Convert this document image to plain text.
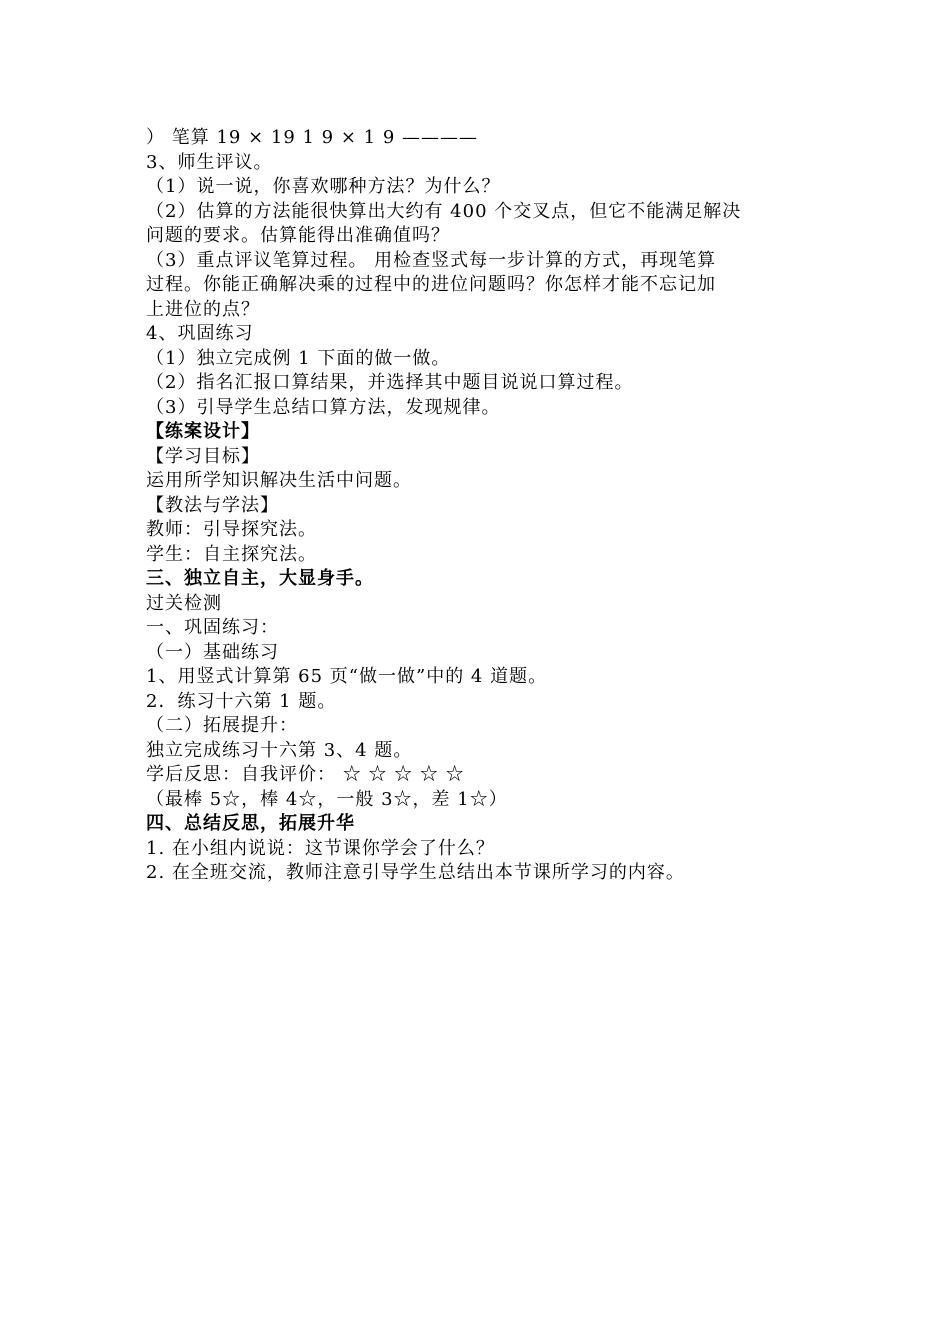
） 笔算 19 × 19 1 9 × 1 9 ————
3、师生评议。
（1）说一说，你喜欢哪种方法？为什么？
（2）估算的方法能很快算出大约有 400 个交叉点，但它不能满足解决
问题的要求。估算能得出准确值吗？
（3）重点评议笔算过程。 用检查竖式每一步计算的方式，再现笔算
过程。你能正确解决乘的过程中的进位问题吗？你怎样才能不忘记加
上进位的点？
4、巩固练习
（1）独立完成例 1 下面的做一做。
（2）指名汇报口算结果，并选择其中题目说说口算过程。
（3）引导学生总结口算方法，发现规律。
【练案设计】
【学习目标】
运用所学知识解决生活中问题。
【教法与学法】
教师：引导探究法。
学生：自主探究法。
三、独立自主，大显身手。
过关检测
一、巩固练习：
（一）基础练习
1、用竖式计算第 65 页“做一做”中的 4 道题。
2．练习十六第 1 题。
（二）拓展提升：
独立完成练习十六第 3、4 题。
学后反思：自我评价： ☆ ☆ ☆ ☆ ☆
（最棒 5☆，棒 4☆，一般 3☆，差 1☆）
四、总结反思，拓展升华
1. 在小组内说说：这节课你学会了什么？
2. 在全班交流，教师注意引导学生总结出本节课所学习的内容。
